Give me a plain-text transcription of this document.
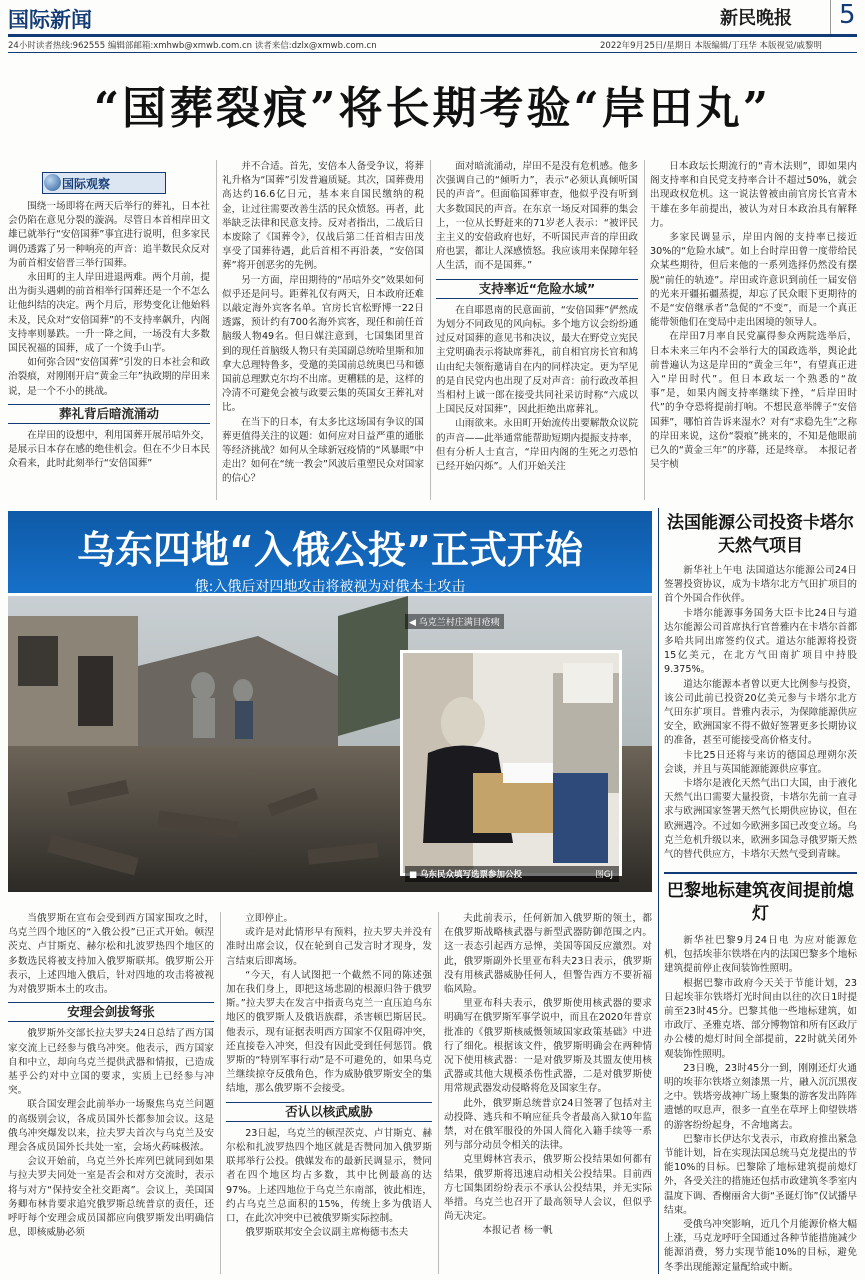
国际新闻	新民晚报	5
24小时读者热线:962555 编辑部邮箱:xmhwb@xmwb.com.cn 读者来信:dzlx@xmwb.com.cn	2022年9月25日/星期日 本版编辑/丁珏华 本版视觉/戚黎明
“国葬裂痕”将长期考验“岸田丸”
国际观察

围绕一场即将在两天后举行的葬礼，日本社会仍陷在意见分裂的漩涡。尽管日本首相岸田文雄已就举行“安倍国葬”事宜进行说明，但多家民调仍透露了另一种响亮的声音：追半数民众反对为前首相安倍晋三举行国葬。

永田町的主人岸田进退两难。两个月前，提出为街头遇刺的前首相举行国葬还是一个不怎么让他纠结的决定。两个月后，形势变化让他始料未及，民众对“安倍国葬”的不支持率飙升，内阁支持率则暴跌。一升一降之间，一场没有大多数国民祝福的国葬，成了一个烫手山芋。

如何弥合因“安倍国葬”引发的日本社会和政治裂痕，对刚刚开启“黄金三年”执政期的岸田来说，是一个不小的挑战。

葬礼背后暗流涌动

在岸田的设想中，利用国葬开展吊唁外交，是展示日本存在感的绝佳机会。但在不少日本民众看来，此时此刻举行“安倍国葬”

并不合适。首先，安倍本人备受争议，将葬礼升格为“国葬”引发普遍质疑。其次，国葬费用高达约16.6亿日元，基本来自国民缴纳的税金，让过往需要改善生活的民众愤怒。再者，此举缺乏法律和民意支持。反对者指出，二战后日本废除了《国葬令》，仅战后第二任首相吉田茂享受了国葬待遇，此后首相不再沿袭，“安倍国葬”将开创恶劣的先例。

另一方面，岸田期待的“吊唁外交”效果如何似乎还是问号。距葬礼仅有两天，日本政府还难以敲定海外宾客名单。官房长官松野博一22日透露，预计约有700名海外宾客，现任和前任首脑级人物49名。但日媒注意到，七国集团里首到的现任首脑级人物只有美国副总统哈里斯和加拿大总理特鲁多，受邀的美国前总统奥巴马和德国前总理默克尔均不出席。更糟糕的是，这样的冷清不可避免会被与政要云集的英国女王葬礼对比。

在当下的日本，有太多比这场国有争议的国葬更值得关注的议题：如何应对日益严重的通胀等经济挑战？如何从全球新冠疫情的“风暴眼”中走出？如何在“统一教会”风波后重塑民众对国家的信心？

面对暗流涌动，岸田不是没有危机感。他多次强调自己的“倾听力”，表示“必须认真倾听国民的声音”。但面临国葬审查，他似乎没有听到大多数国民的声音。在东京一场反对国葬的集会上，一位从长野赶来的71岁老人表示：“被评民主主义的安倍政府也好，不听国民声音的岸田政府也罢，都让人深感愤怒。我应该用来保障年轻人生活，而不是国葬。”

支持率近“危险水域”

在自耶恩南的民意面前，“安倍国葬”俨然成为划分不同政见的风向标。多个地方议会纷纷通过反对国葬的意见书和决议，最大在野党立宪民主党明确表示将缺席葬礼，前自相官房长官和鸠山由纪夫领衔邀请自在内的同样决定。更为罕见的是自民党内也出现了反对声音：前行政改革担当相村上诚一郎在接受共同社采访时称“六成以上国民反对国葬”，因此拒绝出席葬礼。

山雨欲来。永田町开始流传出要解散众议院的声音——此举通常能帮助短期内提振支持率，但有分析人士直言，“岸田内阁的生死之刃恐怕已经开始闪烁”。人们开始关注

日本政坛长期流行的“青木法则”，即如果内阁支持率和自民党支持率合计不超过50%，就会出现政权危机。这一说法曾被由前官房长官青木干雄在多年前提出，被认为对日本政治具有解释力。

多家民调显示，岸田内阁的支持率已接近30%的“危险水域”。如上台时岸田曾一度带给民众某些期待，但后来他的一系列选择仍然没有摆脱“前任的轨迹”。岸田或许意识到前任一届安倍的光来开疆拓疆蒸提，却忘了民众眼下更期待的不是“安倍继承者”急促的“不变”，而是一个真正能带领他们在变局中走出困境的领导人。

在岸田7月率自民党赢得参众两院选举后，日本未来三年内不会举行大的国政选举，舆论此前普遍认为这是岸田的“黄金三年”，有望真正进入“岸田时代”。但日本政坛一个熟悉的“故事”是，如果内阁支持率继续下挫，“后岸田时代”的争夺恐将提前打响。不想民意举牌子“安倍国葬”，哪怕首告诉来湿水？对有“求稳先生”之称的岸田来说，这份“裂痕”挑来的，不知是他眼前已久的“黄金三年”的序幕，还是终章。　本报记者 吴宇桢

乌东四地“入俄公投”正式开始
俄:入俄后对四地攻击将被视为对俄本土攻击
◀ 乌克兰村庄满目疮痍
图GJ
■ 乌东民众填写选票参加公投

当俄罗斯在宣布会受到西方国家围攻之时，乌克兰四个地区的“入俄公投”已正式开始。顿涅茨克、卢甘斯克、赫尔松和扎波罗热四个地区的多数选民将被支持加入俄罗斯联邦。俄罗斯公开表示，上述四地入俄后，针对四地的攻击将被视为对俄罗斯本土的攻击。

安理会剑拔弩张

俄罗斯外交部长拉夫罗夫24日总结了西方国家交流上已经参与俄乌冲突。他表示，西方国家自和中立，却向乌克兰提供武器和情报，已造成基乎公约对中立国的要求，实质上已经参与冲突。

联合国安理会此前举办一场聚焦乌克兰问题的高级别会议，各成员国外长都参加会议。这是俄乌冲突爆发以来，拉夫罗夫首次与乌克兰及安理会各成员国外长共处一室，会场火药味极浓。

会议开始前，乌克兰外长库列巴就同到如果与拉夫罗夫同处一室是否会和对方交流时，表示将与对方“保持安全社交距离”。会议上，美国国务卿布林肯要求追究俄罗斯总统普京的责任，还呼吁每个安理会成员国都应向俄罗斯发出明确信息，即核威胁必须

立即停止。

或许是对此情形早有预料，拉夫罗夫并没有准时出席会议，仅在轮到自己发言时才现身，发言结束后即离场。

“今天，有人试图把一个截然不同的陈述强加在我们身上，即把这场悲剧的根源归咎于俄罗斯。”拉夫罗夫在发言中指责乌克兰一直压迫乌东地区的俄罗斯人及俄语族群，杀害顿巴斯居民。他表示，现有证据表明西方国家不仅阻碍冲突，还直接卷入冲突，但没有因此受到任何惩罚。俄罗斯的“特别军事行动”是不可避免的，如果乌克兰继续掠夺反俄角色，作为威胁俄罗斯安全的集结地，那么俄罗斯不会接受。

否认以核武威胁

23日起，乌克兰的顿涅茨克、卢甘斯克、赫尔松和扎波罗热四个地区就是否赞同加入俄罗斯联邦举行公投。俄媒发布的最新民调显示，赞同者在四个地区均占多数，其中比例最高的达97%。上述四地位于乌克兰东南部，彼此相连，约占乌克兰总面积的15%，传统上多为俄语人口，在此次冲突中已被俄罗斯实际控制。

俄罗斯联邦安全会议副主席梅德韦杰夫

夫此前表示，任何新加入俄罗斯的领土，都在俄罗斯战略核武器与新型武器防御范围之内。这一表态引起西方忌惮，美国等国反应激烈。对此，俄罗斯副外长里亚布科夫23日表示，俄罗斯没有用核武器威胁任何人，但警告西方不要祈福临风险。

里亚布科夫表示，俄罗斯使用核武器的要求明确写在俄罗斯军事学说中，而且在2020年普京批准的《俄罗斯核威慑领域国家政策基础》中进行了细化。根据该文件，俄罗斯明确会在两种情况下使用核武器：一是对俄罗斯及其盟友使用核武器或其他大规模杀伤性武器，二是对俄罗斯使用常规武器发动侵略将危及国家生存。

此外，俄罗斯总统普京24日签署了包括对主动投降、逃兵和不响应征兵令者最高入狱10年监禁，对在俄军服役的外国人简化入籍手续等一系列与部分动员令相关的法律。

克里姆林宫表示，俄罗斯公投结果如何都有结果，俄罗斯将迅速启动相关公投结果。目前西方七国集团纷纷表示不承认公投结果，并无实际举措。乌克兰也召开了最高领导人会议，但似乎尚无决定。

　　本报记者 杨一帆

法国能源公司投资卡塔尔天然气项目

新华社上午电 法国道达尔能源公司24日签署投资协议，成为卡塔尔北方气田扩项目的首个外国合作伙伴。

卡塔尔能源事务国务大臣卡比24日与道达尔能源公司首席执行官普雅内在卡塔尔首都多哈共同出席签约仪式。道达尔能源将投资15亿美元，在北方气田南扩项目中持股9.375%。

道达尔能源本者曾以更大比例参与投资，该公司此前已投资20亿美元参与卡塔尔北方气田东扩项目。普雅内表示，为保障能源供应安全，欧洲国家不得不做好签署更多长期协议的准备，甚至可能接受高价格支付。

卡比25日还将与来访的德国总理朔尔茨会谈，并且与英国能源能源供应事宜。

卡塔尔是液化天然气出口大国，由于液化天然气出口需要大量投资，卡塔尔先前一直寻求与欧洲国家签署天然气长期供应协议，但在欧洲遇冷。不过如今欧洲多国已改变立场。乌克兰危机升级以来，欧洲多国急寻俄罗斯天然气的替代供应方，卡塔尔天然气受到青睐。

巴黎地标建筑夜间提前熄灯

新华社巴黎9月24日电 为应对能源危机，包括埃菲尔铁塔在内的法国巴黎多个地标建筑提前停止夜间装饰性照明。

根据巴黎市政府今天关于节能计划，23日起埃菲尔铁塔灯光时间由以往的次日1时提前至23时45分。巴黎其他一些地标建筑，如市政厅、圣雅克塔、部分博物馆和所有区政厅办公楼的熄灯时间全部提前，22时就关闭外观装饰性照明。

23日晚，23时45分一到，刚刚还灯火通明的埃菲尔铁塔立刻漆黑一片，融入沉沉黑夜之中。铁塔旁战神广场上聚集的游客发出阵阵遗憾的叹息声，很多一直坐在草坪上仰望铁塔的游客纷纷起身，不舍地离去。

巴黎市长伊达尔戈表示，市政府推出紧急节能计划，旨在实现法国总统马克龙提出的节能10%的目标。巴黎除了地标建筑提前熄灯外，各受关注的措施还包括市政建筑冬季室内温度下调、香榭丽舍大街“圣诞灯饰”仅试播早结束。

受俄乌冲突影响，近几个月能源价格大幅上涨，马克龙呼吁全国通过各种节能措施减少能源消费，努力实现节能10%的目标，避免冬季出现能源定量配给或中断。
